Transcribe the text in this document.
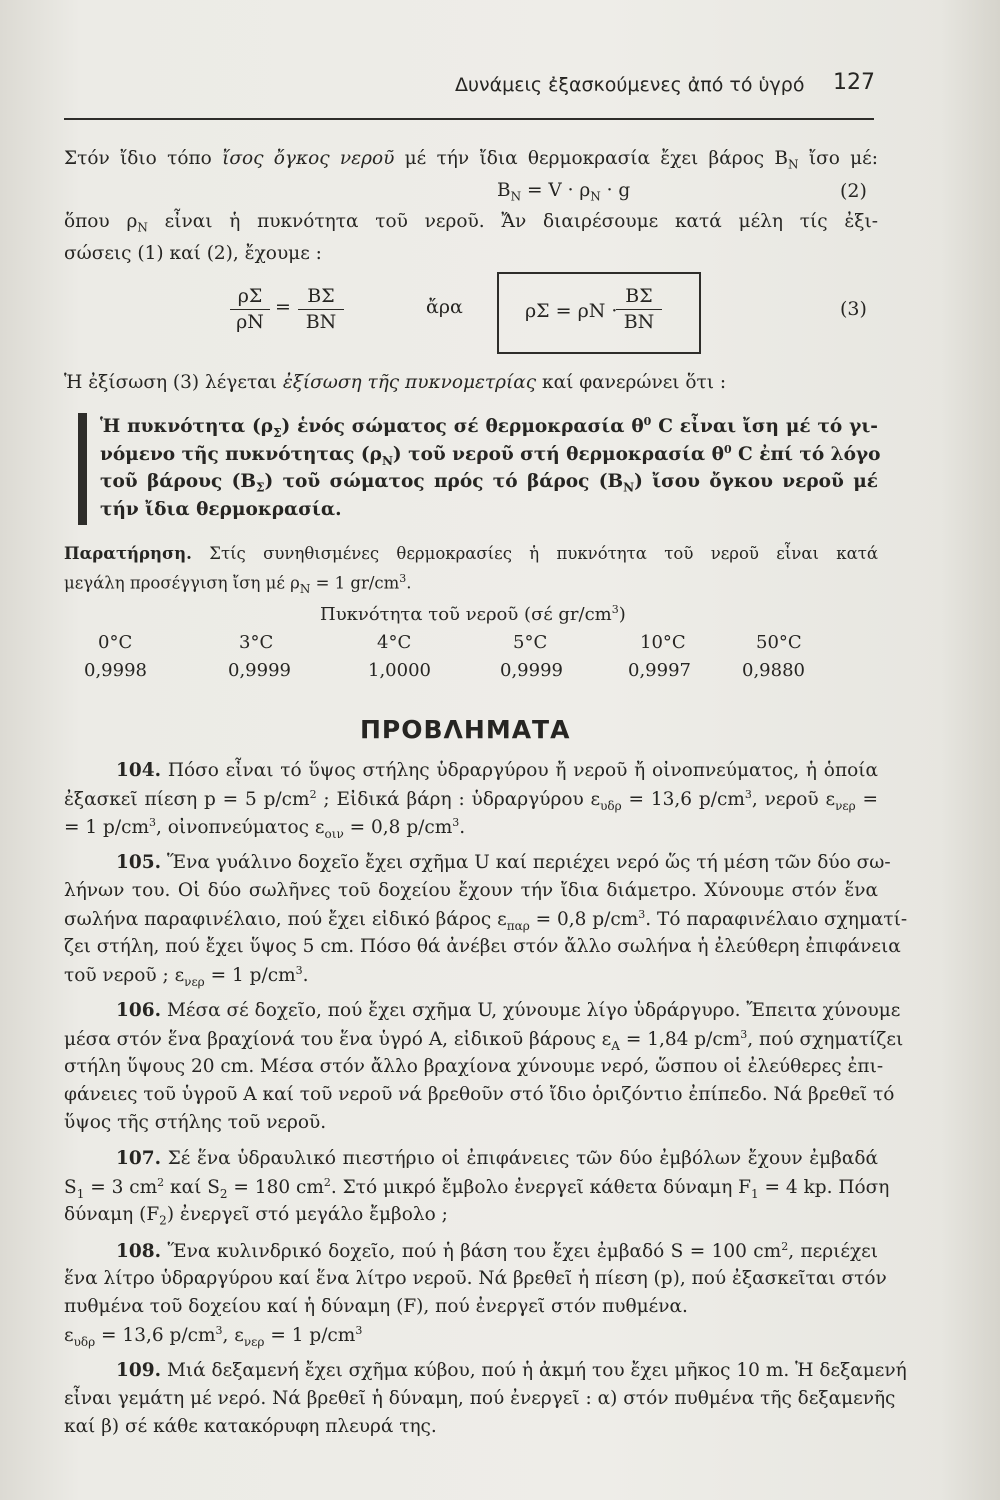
Δυνάμεις ἐξασκούμενες ἀπό τό ὑγρό 127
Στόν ἴδιο τόπο ἴσος ὄγκος νεροῦ μέ τήν ἴδια θερμοκρασία ἔχει βάρος $B_N$ ἴσο μέ:
$B_N = V \cdot \rho_N \cdot g$	(2)
ὅπου $\rho_N$ εἶναι ἡ πυκνότητα τοῦ νεροῦ. Ἄν διαιρέσουμε κατά μέλη τίς ἐξι-
σώσεις (1) καί (2), ἔχουμε :
$\frac{\rho\Sigma}{\rho N} = \frac{B\Sigma}{BN}$	ἄρα	ρΣ = ρN ·
$\frac{B\Sigma}{BN}$	(3)
Ἡ ἐξίσωση (3) λέγεται ἐξίσωση τῆς πυκνομετρίας καί φανερώνει ὅτι :
Ἡ πυκνότητα $(\rho_\Sigma)$ ἑνός σώματος σέ θερμοκρασία $\theta^0$ C εἶναι ἴση μέ τό γι-
νόμενο τῆς πυκνότητας $(\rho_N)$ τοῦ νεροῦ στή θερμοκρασία $\theta^0$ C ἐπί τό λόγο
τοῦ βάρους $(B_\Sigma)$ τοῦ σώματος πρός τό βάρος $(B_N)$ ἴσου ὄγκου νεροῦ μέ
τήν ἴδια θερμοκρασία.
Παρατήρηση. Στίς συνηθισμένες θερμοκρασίες ἡ πυκνότητα τοῦ νεροῦ εἶναι κατά
μεγάλη προσέγγιση ἴση μέ $\rho_N = 1$ $gr/cm^3$.
Πυκνότητα τοῦ νεροῦ (σέ $gr/cm^3$)
0°C	3°C	4°C	5°C	10°C	50°C
0,9998	0,9999	1,0000	0,9999	0,9997	0,9880
ΠΡΟΒΛΗΜΑΤΑ
104. Πόσο εἶναι τό ὕψος στήλης ὑδραργύρου ἤ νεροῦ ἤ οἰνοπνεύματος, ἡ ὁποία
ἐξασκεῖ πίεση p = 5 $p/cm^2$ ; Εἰδικά βάρη : ὑδραργύρου $\varepsilon_{\upsilon\delta\rho} = 13,6$ $p/cm^3$, νεροῦ $\varepsilon_{\nu\varepsilon\rho}$ =
= 1 $p/cm^3$, οἰνοπνεύματος $\varepsilon_{o\iota\nu} = 0,8$ $p/cm^3$.
105. Ἕνα γυάλινο δοχεῖο ἔχει σχῆμα U καί περιέχει νερό ὥς τή μέση τῶν δύο σω-
λήνων του. Οἱ δύο σωλῆνες τοῦ δοχείου ἔχουν τήν ἴδια διάμετρο. Χύνουμε στόν ἕνα
σωλήνα παραφινέλαιο, πού ἔχει εἰδικό βάρος $\varepsilon_{\pi\alpha\rho} = 0,8$ $p/cm^3$. Τό παραφινέλαιο σχηματί-
ζει στήλη, πού ἔχει ὕψος 5 cm. Πόσο θά ἀνέβει στόν ἄλλο σωλήνα ἡ ἐλεύθερη ἐπιφάνεια
τοῦ νεροῦ ; $\varepsilon_{\nu\varepsilon\rho} = 1$ $p/cm^3$.
106. Μέσα σέ δοχεῖο, πού ἔχει σχῆμα U, χύνουμε λίγο ὑδράργυρο. Ἔπειτα χύνουμε
μέσα στόν ἕνα βραχίονά του ἕνα ὑγρό Α, εἰδικοῦ βάρους $\varepsilon_A = 1,84$ $p/cm^3$, πού σχηματίζει
στήλη ὕψους 20 cm. Μέσα στόν ἄλλο βραχίονα χύνουμε νερό, ὥσπου οἱ ἐλεύθερες ἐπι-
φάνειες τοῦ ὑγροῦ Α καί τοῦ νεροῦ νά βρεθοῦν στό ἴδιο ὁριζόντιο ἐπίπεδο. Νά βρεθεῖ τό
ὕψος τῆς στήλης τοῦ νεροῦ.
107. Σέ ἕνα ὑδραυλικό πιεστήριο οἱ ἐπιφάνειες τῶν δύο ἐμβόλων ἔχουν ἐμβαδά
$S_1 = 3$ $cm^2$ καί $S_2 = 180$ $cm^2$. Στό μικρό ἔμβολο ἐνεργεῖ κάθετα δύναμη $F_1 = 4$ kp. Πόση
δύναμη $(F_2)$ ἐνεργεῖ στό μεγάλο ἔμβολο ;
108. Ἕνα κυλινδρικό δοχεῖο, πού ἡ βάση του ἔχει ἐμβαδό S = 100 $cm^2$, περιέχει
ἕνα λίτρο ὑδραργύρου καί ἕνα λίτρο νεροῦ. Νά βρεθεῖ ἡ πίεση (p), πού ἐξασκεῖται στόν
πυθμένα τοῦ δοχείου καί ἡ δύναμη (F), πού ἐνεργεῖ στόν πυθμένα.
$\varepsilon_{\upsilon\delta\rho} = 13,6$ $p/cm^3$, $\varepsilon_{\nu\varepsilon\rho} = 1$ $p/cm^3$
109. Μιά δεξαμενή ἔχει σχῆμα κύβου, πού ἡ ἀκμή του ἔχει μῆκος 10 m. Ἡ δεξαμενή
εἶναι γεμάτη μέ νερό. Νά βρεθεῖ ἡ δύναμη, πού ἐνεργεῖ : α) στόν πυθμένα τῆς δεξαμενῆς
καί β) σέ κάθε κατακόρυφη πλευρά της.
